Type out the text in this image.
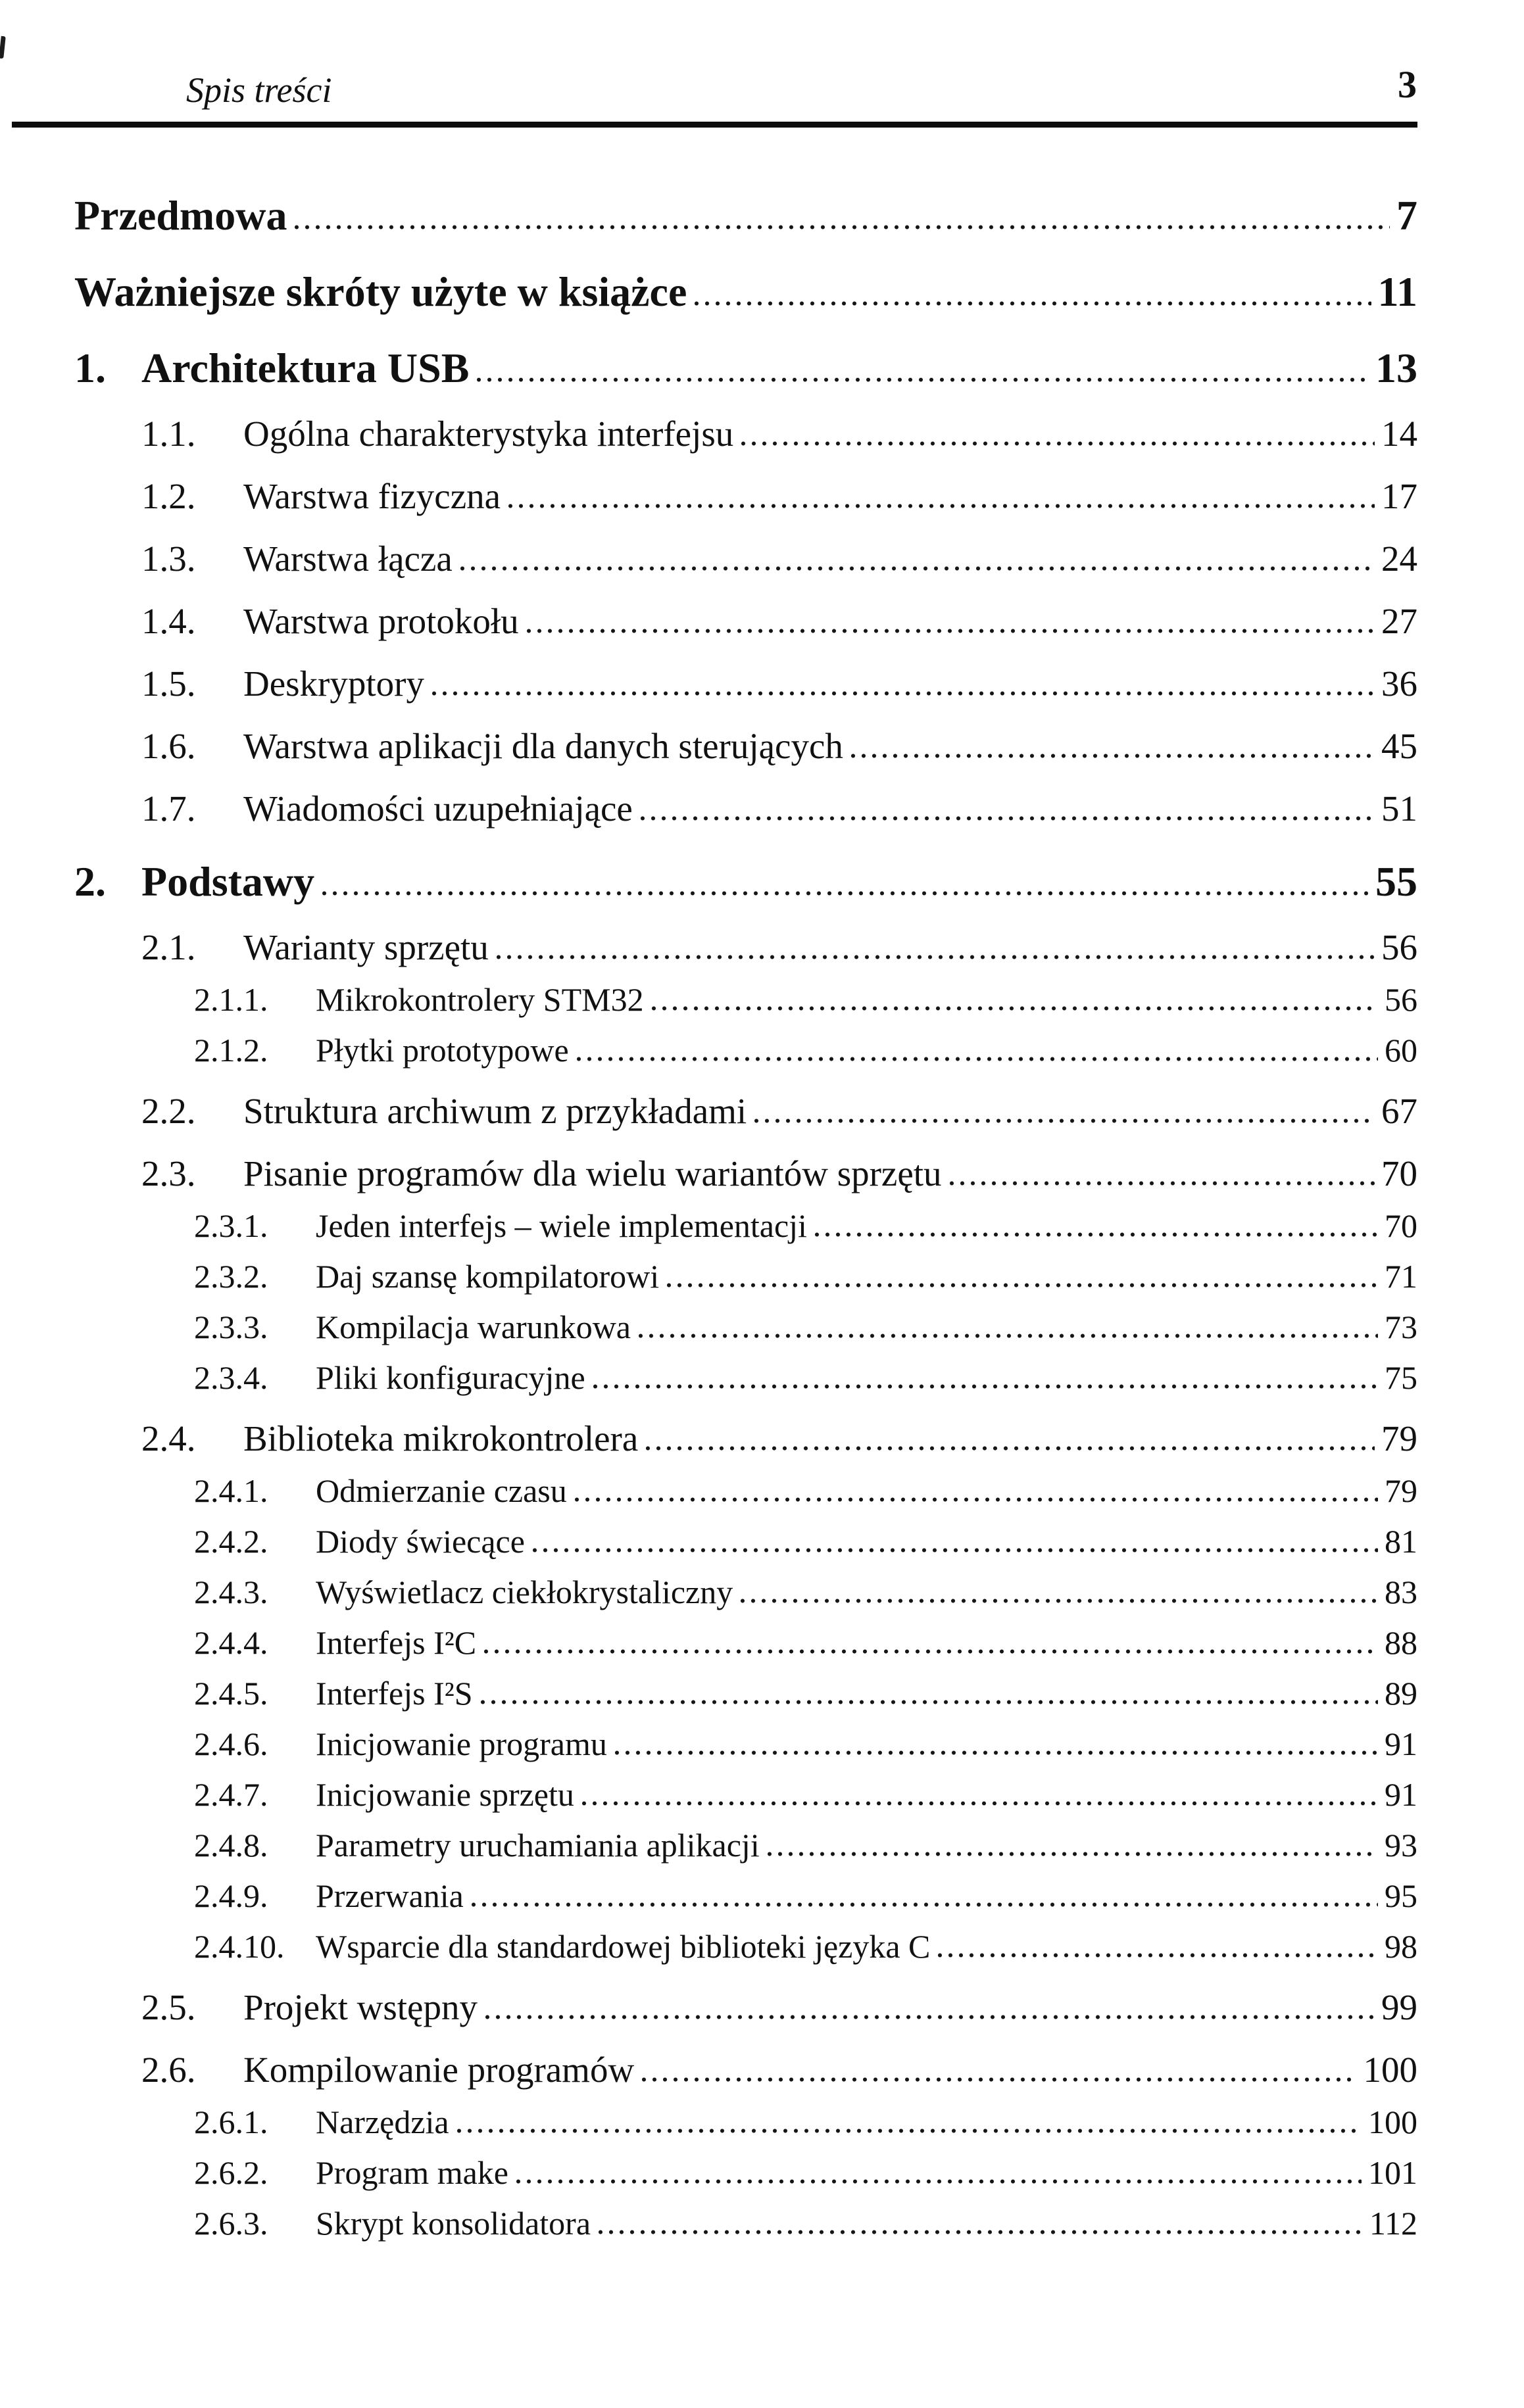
Spis treści	3
Przedmowa	7
Ważniejsze skróty użyte w książce	11
1. Architektura USB	13
1.1.	Ogólna charakterystyka interfejsu	14
1.2.	Warstwa fizyczna	17
1.3.	Warstwa łącza	24
1.4.	Warstwa protokołu	27
1.5.	Deskryptory	36
1.6.	Warstwa aplikacji dla danych sterujących	45
1.7.	Wiadomości uzupełniające	51
2. Podstawy	55
2.1.	Warianty sprzętu	56
2.1.1.	Mikrokontrolery STM32	56
2.1.2.	Płytki prototypowe	60
2.2.	Struktura archiwum z przykładami	67
2.3.	Pisanie programów dla wielu wariantów sprzętu	70
2.3.1.	Jeden interfejs – wiele implementacji	70
2.3.2.	Daj szansę kompilatorowi	71
2.3.3.	Kompilacja warunkowa	73
2.3.4.	Pliki konfiguracyjne	75
2.4.	Biblioteka mikrokontrolera	79
2.4.1.	Odmierzanie czasu	79
2.4.2.	Diody świecące	81
2.4.3.	Wyświetlacz ciekłokrystaliczny	83
2.4.4.	Interfejs I²C	88
2.4.5.	Interfejs I²S	89
2.4.6.	Inicjowanie programu	91
2.4.7.	Inicjowanie sprzętu	91
2.4.8.	Parametry uruchamiania aplikacji	93
2.4.9.	Przerwania	95
2.4.10. Wsparcie dla standardowej biblioteki języka C	98
2.5.	Projekt wstępny	99
2.6.	Kompilowanie programów	100
2.6.1.	Narzędzia	100
2.6.2.	Program make	101
2.6.3.	Skrypt konsolidatora	112
